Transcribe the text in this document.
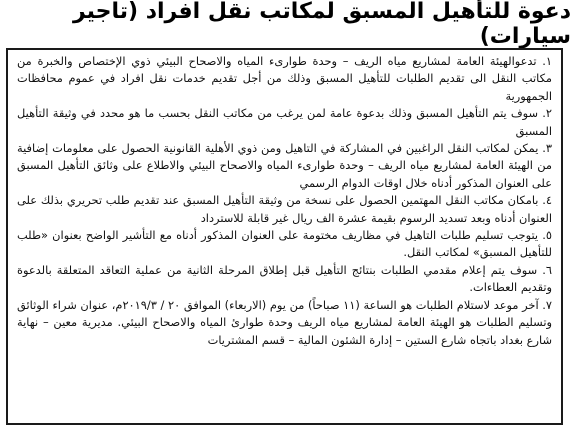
دعوة للتأهيل المسبق لمكاتب نقل افراد (تاجير سيارات)

١. تدعوالهيئة العامة لمشاريع مياه الريف – وحدة طوارىء المياه والاصحاح البيئي ذوي الإختصاص والخبرة من مكاتب النقل الى تقديم الطلبات للتأهيل المسبق وذلك من أجل تقديم خدمات نقل افراد في عموم محافظات الجمهورية

٢. سوف يتم التأهيل المسبق وذلك بدعوة عامة لمن يرغب من مكاتب النقل بحسب ما هو محدد في وثيقة التأهيل المسبق

٣. يمكن لمكاتب النقل الراغبين في المشاركة في التاهيل ومن ذوي الأهلية القانونية الحصول على معلومات إضافية من الهيئة العامة لمشاريع مياه الريف – وحدة طوارىء المياه والاصحاح البيئي والاطلاع على وثائق التأهيل المسبق على العنوان المذكور أدناه خلال اوقات الدوام الرسمي

٤. بامكان مكاتب النقل المهتمين الحصول على نسخة من وثيقة التأهيل المسبق عند تقديم طلب تحريري بذلك على العنوان أدناه وبعد تسديد الرسوم بقيمة عشرة الف ريال غير قابلة للاسترداد

٥. يتوجب تسليم طلبات التاهيل في مظاريف مختومة على العنوان المذكور أدناه مع التأشير الواضح بعنوان «طلب للتأهيل المسبق» لمكاتب النقل.

٦. سوف يتم إعلام مقدمي الطلبات بنتائج التأهيل قبل إطلاق المرحلة الثانية من عملية التعاقد المتعلقة بالدعوة وتقديم العطاءات.

٧. آخر موعد لاستلام الطلبات هو الساعة (١١ صباحاً) من يوم (الاربعاء) الموافق ٢٠ / ٢٠١٩/٣م، عنوان شراء الوثائق وتسليم الطلبات هو الهيئة العامة لمشاريع مياه الريف وحدة طوارئ المياه والاصحاح البيئي. مديرية معين – نهاية شارع بغداد باتجاه شارع الستين – إدارة الشئون المالية – قسم المشتريات
